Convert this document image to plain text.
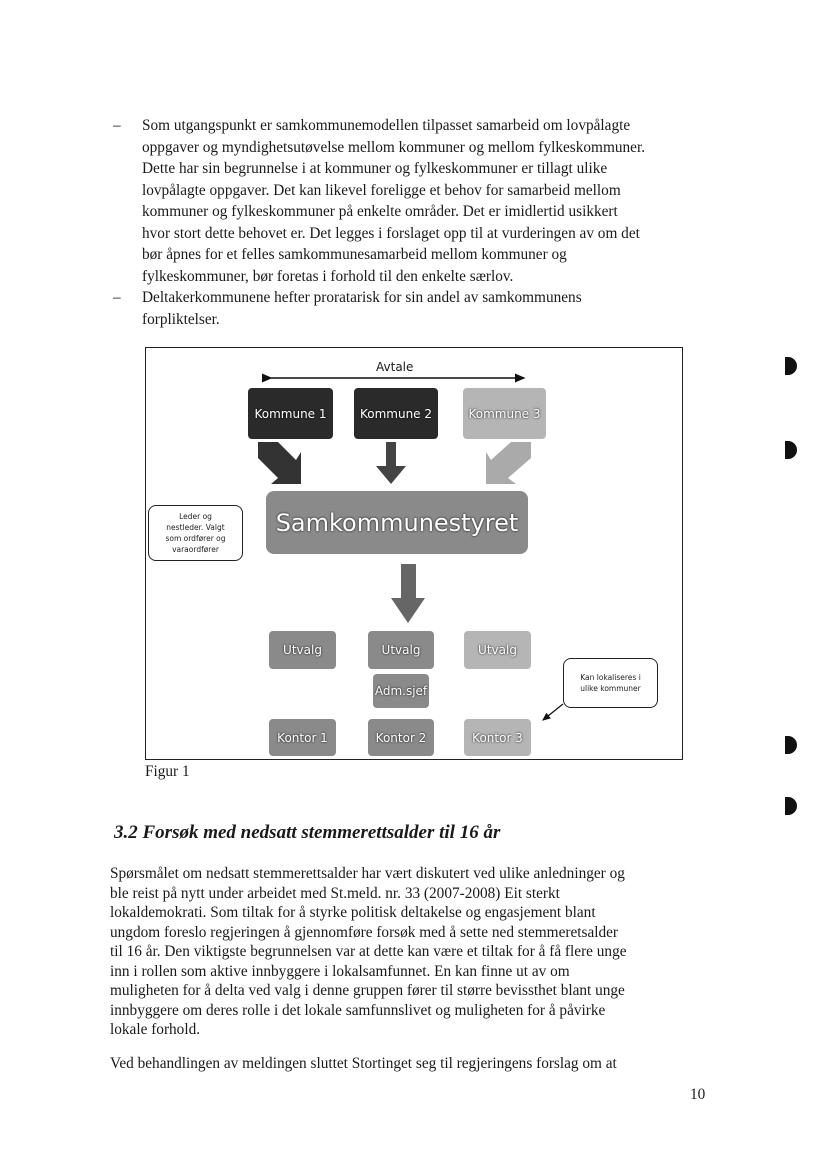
–
–
Som utgangspunkt er samkommunemodellen tilpasset samarbeid om lovpålagte
oppgaver og myndighetsutøvelse mellom kommuner og mellom fylkeskommuner.
Dette har sin begrunnelse i at kommuner og fylkeskommuner er tillagt ulike
lovpålagte oppgaver. Det kan likevel foreligge et behov for samarbeid mellom
kommuner og fylkeskommuner på enkelte områder. Det er imidlertid usikkert
hvor stort dette behovet er. Det legges i forslaget opp til at vurderingen av om det
bør åpnes for et felles samkommunesamarbeid mellom kommuner og
fylkeskommuner, bør foretas i forhold til den enkelte særlov.
Deltakerkommunene hefter proratarisk for sin andel av samkommunens
forpliktelser.
Avtale
Kommune 1	Kommune 2	Kommune 3
Samkommunestyret
Leder og
nestleder. Valgt
som ordfører og
varaordfører
Utvalg	Utvalg	Utvalg
Adm.sjef
Kontor 1	Kontor 2	Kontor 3
Kan lokaliseres i
ulike kommuner
Figur 1
3.2 Forsøk med nedsatt stemmerettsalder til 16 år
Spørsmålet om nedsatt stemmerettsalder har vært diskutert ved ulike anledninger og
ble reist på nytt under arbeidet med St.meld. nr. 33 (2007-2008) Eit sterkt
lokaldemokrati. Som tiltak for å styrke politisk deltakelse og engasjement blant
ungdom foreslo regjeringen å gjennomføre forsøk med å sette ned stemmeretsalder
til 16 år. Den viktigste begrunnelsen var at dette kan være et tiltak for å få flere unge
inn i rollen som aktive innbyggere i lokalsamfunnet. En kan finne ut av om
muligheten for å delta ved valg i denne gruppen fører til større bevissthet blant unge
innbyggere om deres rolle i det lokale samfunnslivet og muligheten for å påvirke
lokale forhold.
Ved behandlingen av meldingen sluttet Stortinget seg til regjeringens forslag om at
10
